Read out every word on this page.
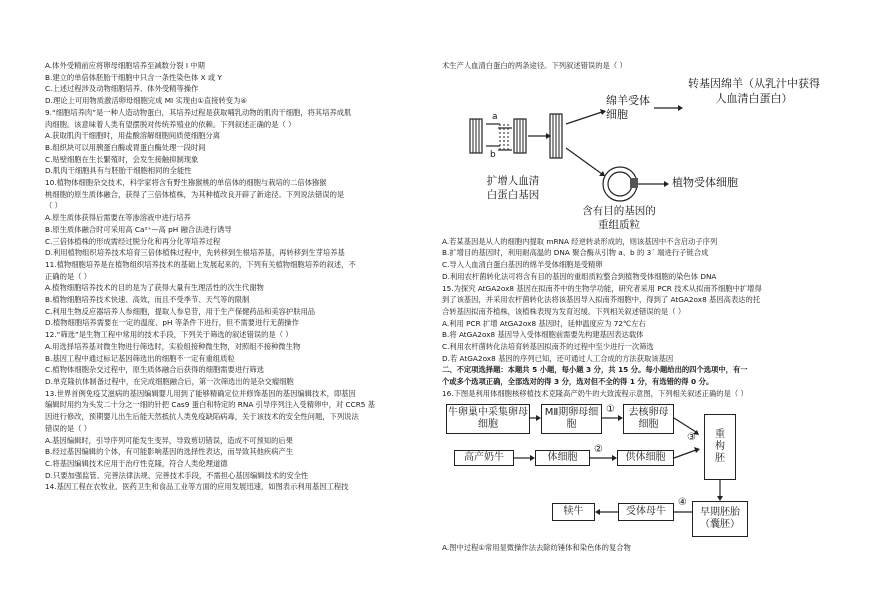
A.体外受精前应将卵母细胞培养至减数分裂 I 中期
B.建立的单倍体胚胎干细胞中只含一条性染色体 X 或 Y
C.上述过程涉及动物细胞培养、体外受精等操作
D.理论上可用物质激活卵母细胞完成 MI 实现由①直接转变为④
9.“细胞培养肉”是一种人造动物蛋白，其培养过程是获取哺乳动物的肌肉干细胞，将其培养成肌
肉细胞。该意味着人类有望摆脱对传统养殖业的依赖。下列叙述正确的是（ ）
A.获取肌肉干细胞时，用盐酸溶解细胞间质使细胞分离
B.组织块可以用胰蛋白酶或胃蛋白酶处理一段时间
C.贴壁细胞在生长繁殖时，会发生接触抑制现象
D.肌肉干细胞具有与胚胎干细胞相同的全能性
10.植物体细胞杂交技术，科学家将含有野生猕猴桃的单倍体的细胞与栽培的二倍体猕猴
桃细胞的原生质体融合，获得了三倍体植株，为其种植改良开辟了新途径。下列说法错误的是
（ ）
A.原生质体获得后需要在等渗溶液中进行培养
B.原生质体融合时可采用高 Ca²⁺—高 pH 融合法进行诱导
C.三倍体植株的形成需经过脱分化和再分化等培养过程
D.利用植物组织培养技术培育三倍体植株过程中，先转移到生根培养基，再转移到生芽培养基
11.植物细胞培养是在植物组织培养技术的基础上发展起来的，下列有关植物细胞培养的叙述，不
正确的是（ ）
A.植物细胞培养技术的目的是为了获得大量有生理活性的次生代谢物
B.植物细胞培养技术快速、高效，而且不受季节、天气等的限制
C.利用生物反应器培养人参细胞，提取人参皂苷，用于生产保健药品和美容护肤用品
D.植物细胞培养需要在一定的温度、pH 等条件下进行，但不需要进行无菌操作
12.“筛选”是生物工程中常用的技术手段，下列关于筛选的叙述错误的是（ ）
A.用选择培养基对微生物进行筛选时，实验组接种微生物，对照组不接种微生物
B.基因工程中通过标记基因筛选出的细胞不一定有重组质粒
C.植物体细胞杂交过程中，原生质体融合后获得的细胞需要进行筛选
D.单克隆抗体制备过程中，在完成细胞融合后，第一次筛选出的是杂交瘤细胞
13.世界首例免疫艾滋病的基因编辑婴儿用到了能够精确定位并修饰基因的基因编辑技术，即基因
编辑时用约为头发二十分之一细的针把 Cas9 蛋白和特定的 RNA 引导序列注入受精卵中，对 CCR5 基
因进行修改，预期婴儿出生后能天然抵抗人类免疫缺陷病毒，关于该技术的安全性问题，下列说法
错误的是（ ）
A.基因编辑时，引导序列可能发生变异，导致剪切错误，造成不可预知的后果
B.经过基因编辑的个体，有可能影响基因的选择性表达，而导致其他疾病产生
C.将基因编辑技术应用于治疗性克隆，符合人类伦理道德
D.只要加强监管、完善法律法规、完善技术手段，不需担心基因编辑技术的安全性
14.基因工程在农牧业、医药卫生和食品工业等方面的应用发展迅速，如图表示利用基因工程技
术生产人血清白蛋白的两条途径。下列叙述错误的是（ ）
a
b
绵羊受体细胞
转基因绵羊（从乳汁中获得人血清白蛋白）
植物受体细胞
扩增人血清白蛋白基因
含有目的基因的重组质粒
A.若某基因是从人的细胞内提取 mRNA 经逆转录形成的，则该基因中不含启动子序列
B.扩增目的基因时，利用耐高温的 DNA 聚合酶从引物 a、b 的 3´ 端进行子链合成
C.导入人血清白蛋白基因的绵羊受体细胞是受精卵
D.利用农杆菌转化法可将含有目的基因的重组质粒整合到植物受体细胞的染色体 DNA
15.为探究 AtGA2ox8 基因在拟南芥中的生物学功能，研究者采用 PCR 技术从拟南芥细胞中扩增得
到了该基因，并采用农杆菌转化法将该基因导入拟南芥细胞中，得到了 AtGA2ox8 基因高表达的托
合转基因拟南芥植株，该植株表现为发育迟缓。下列相关叙述错误的是（ ）
A.利用 PCR 扩增 AtGA2ox8 基因时，延伸温度应为 72℃左右
B.将 AtGA2ox8 基因导入受体细胞前需要先构建基因表达载体
C.利用农杆菌转化法培育转基因拟南芥的过程中至少进行一次筛选
D.若 AtGA2ox8 基因的序列已知，还可通过人工合成的方法获取该基因
二、不定项选择题：本题共 5 小题，每小题 3 分，共 15 分。每小题给出的四个选项中，有一
个或多个选项正确，全部选对的得 3 分，选对但不全的得 1 分，有选错的得 0 分。
16.下图是利用体细胞核移植技术克隆高产奶牛的大致流程示意图，下列相关叙述正确的是（ ）
牛卵巢中采集卵母细胞
MⅡ期卵母细胞
①	去核卵母细胞
高产奶牛	体细胞
②
供体细胞
③	重构胚
犊牛	受体母牛
④
早期胚胎（囊胚）
A.图中过程①常用显微操作法去除纺锤体和染色体的复合物
